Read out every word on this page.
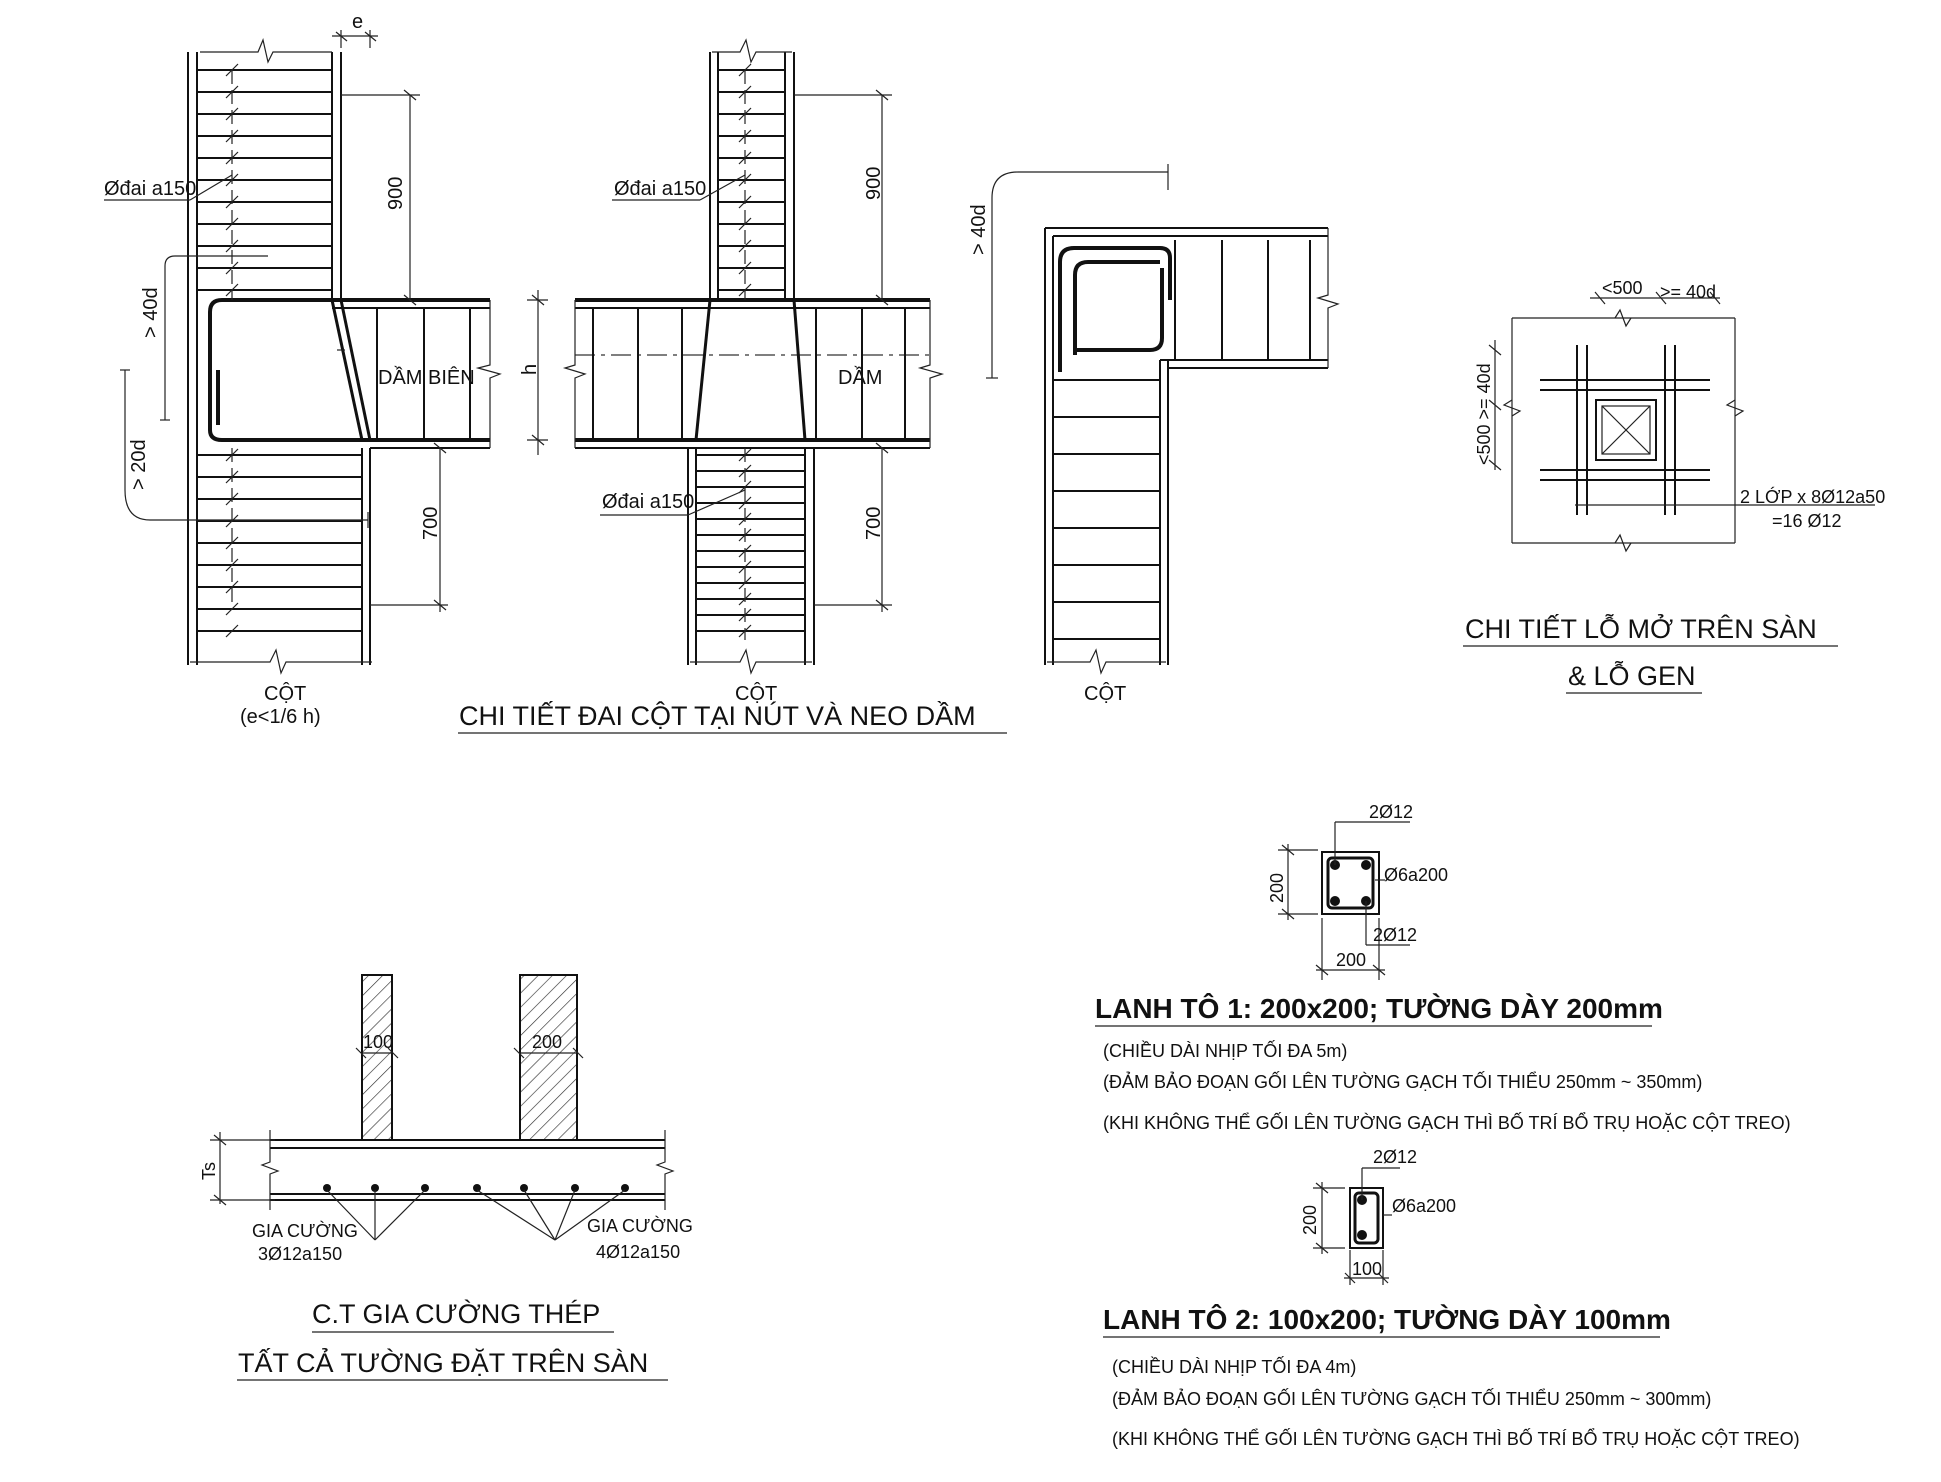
Øđai a150
e
900
700
> 40d
> 20d
DẦM BIÊN
CỘT
(e<1/6 h)
Øđai a150
Øđai a150
900
700
h	DẦM
CỘT
> 40d
CỘT
CHI TIẾT ĐAI CỘT TẠI NÚT VÀ NEO DẦM
<500 >= 40d
<500 >= 40d
2 LỚP x 8Ø12a50
=16 Ø12
CHI TIẾT LỖ MỞ TRÊN SÀN
& LỖ GEN
100	200
Ts
GIA CƯỜNG
3Ø12a150
GIA CƯỜNG
4Ø12a150
C.T GIA CƯỜNG THÉP
TẤT CẢ TƯỜNG ĐẶT TRÊN SÀN
2Ø12
Ø6a200
2Ø12
200
200
LANH TÔ 1: 200x200; TƯỜNG DÀY 200mm
(CHIỀU DÀI NHỊP TỐI ĐA 5m)
(ĐẢM BẢO ĐOẠN GỐI LÊN TƯỜNG GẠCH TỐI THIỂU 250mm ~ 350mm)
(KHI KHÔNG THỂ GỐI LÊN TƯỜNG GẠCH THÌ BỐ TRÍ BỔ TRỤ HOẶC CỘT TREO)
2Ø12
Ø6a200
200
100
LANH TÔ 2: 100x200; TƯỜNG DÀY 100mm
(CHIỀU DÀI NHỊP TỐI ĐA 4m)
(ĐẢM BẢO ĐOẠN GỐI LÊN TƯỜNG GẠCH TỐI THIỂU 250mm ~ 300mm)
(KHI KHÔNG THỂ GỐI LÊN TƯỜNG GẠCH THÌ BỐ TRÍ BỔ TRỤ HOẶC CỘT TREO)
